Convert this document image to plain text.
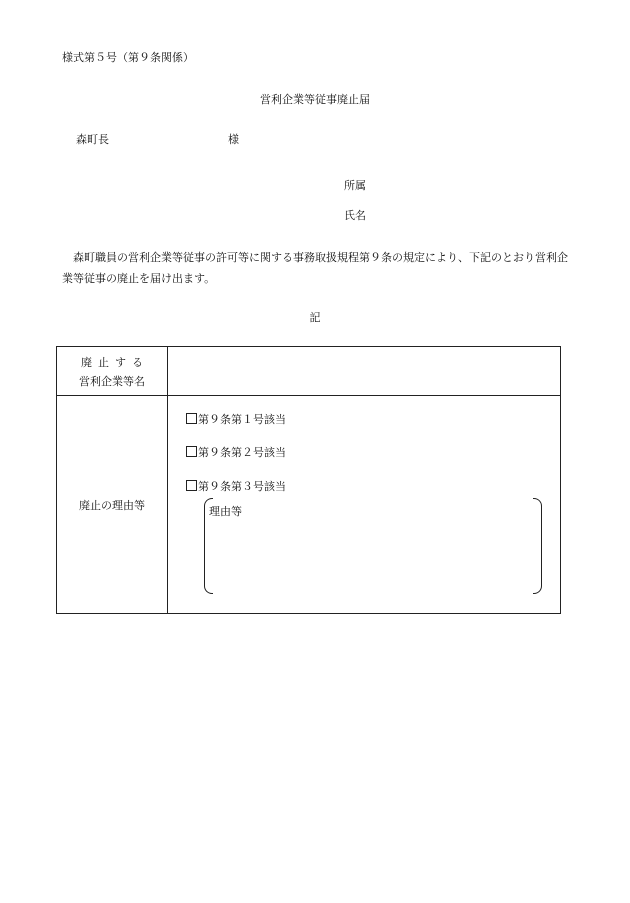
様式第５号（第９条関係）
営利企業等従事廃止届
森町長	様
所属
氏名
森町職員の営利企業等従事の許可等に関する事務取扱規程第９条の規定により、下記のとおり営利企業等従事の廃止を届け出ます。
記
廃止する
営利企業等名
廃止の理由等
第９条第１号該当
第９条第２号該当
第９条第３号該当
理由等
